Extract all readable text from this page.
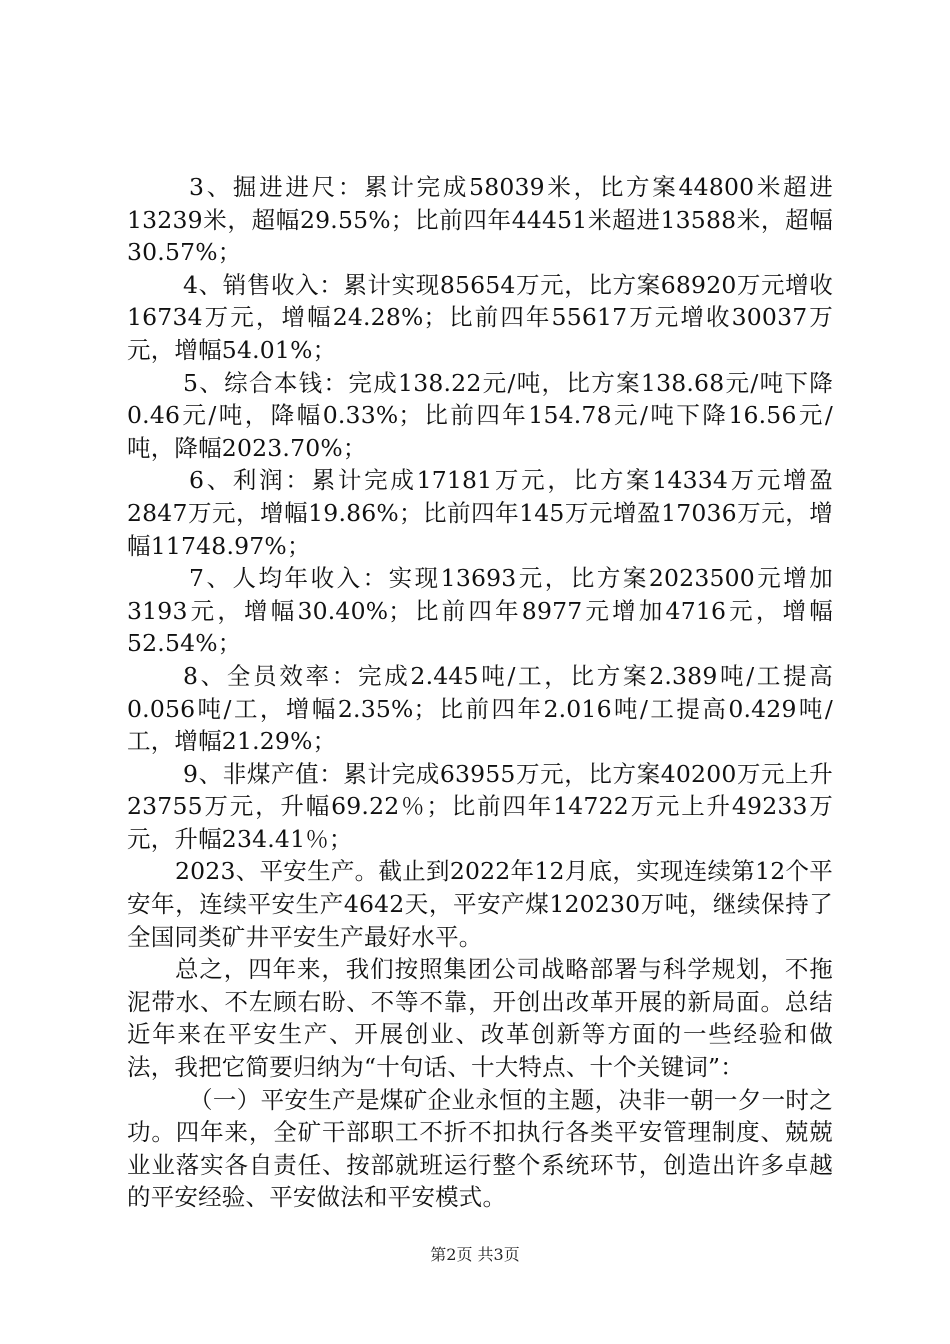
3、掘进进尺：累计完成58039米，比方案44800米超进13239米，超幅29.55%；比前四年44451米超进13588米，超幅30.57%；

4、销售收入：累计实现85654万元，比方案68920万元增收16734万元，增幅24.28%；比前四年55617万元增收30037万元，增幅54.01%；

5、综合本钱：完成138.22元/吨，比方案138.68元/吨下降0.46元/吨，降幅0.33%；比前四年154.78元/吨下降16.56元/吨，降幅2023.70%；

6、利润：累计完成17181万元，比方案14334万元增盈2847万元，增幅19.86%；比前四年145万元增盈17036万元，增幅11748.97%；

7、人均年收入：实现13693元，比方案2023500元增加3193元，增幅30.40%；比前四年8977元增加4716元，增幅52.54%；

8、全员效率：完成2.445吨/工，比方案2.389吨/工提高0.056吨/工，增幅2.35%；比前四年2.016吨/工提高0.429吨/工，增幅21.29%；

9、非煤产值：累计完成63955万元，比方案40200万元上升23755万元，升幅69.22％；比前四年14722万元上升49233万元，升幅234.41％；

2023、平安生产。截止到2022年12月底，实现连续第12个平安年，连续平安生产4642天，平安产煤120230万吨，继续保持了全国同类矿井平安生产最好水平。

总之，四年来，我们按照集团公司战略部署与科学规划，不拖泥带水、不左顾右盼、不等不靠，开创出改革开展的新局面。总结近年来在平安生产、开展创业、改革创新等方面的一些经验和做法，我把它简要归纳为“十句话、十大特点、十个关键词”：

（一）平安生产是煤矿企业永恒的主题，决非一朝一夕一时之功。四年来，全矿干部职工不折不扣执行各类平安管理制度、兢兢业业落实各自责任、按部就班运行整个系统环节，创造出许多卓越的平安经验、平安做法和平安模式。

第2页 共3页
